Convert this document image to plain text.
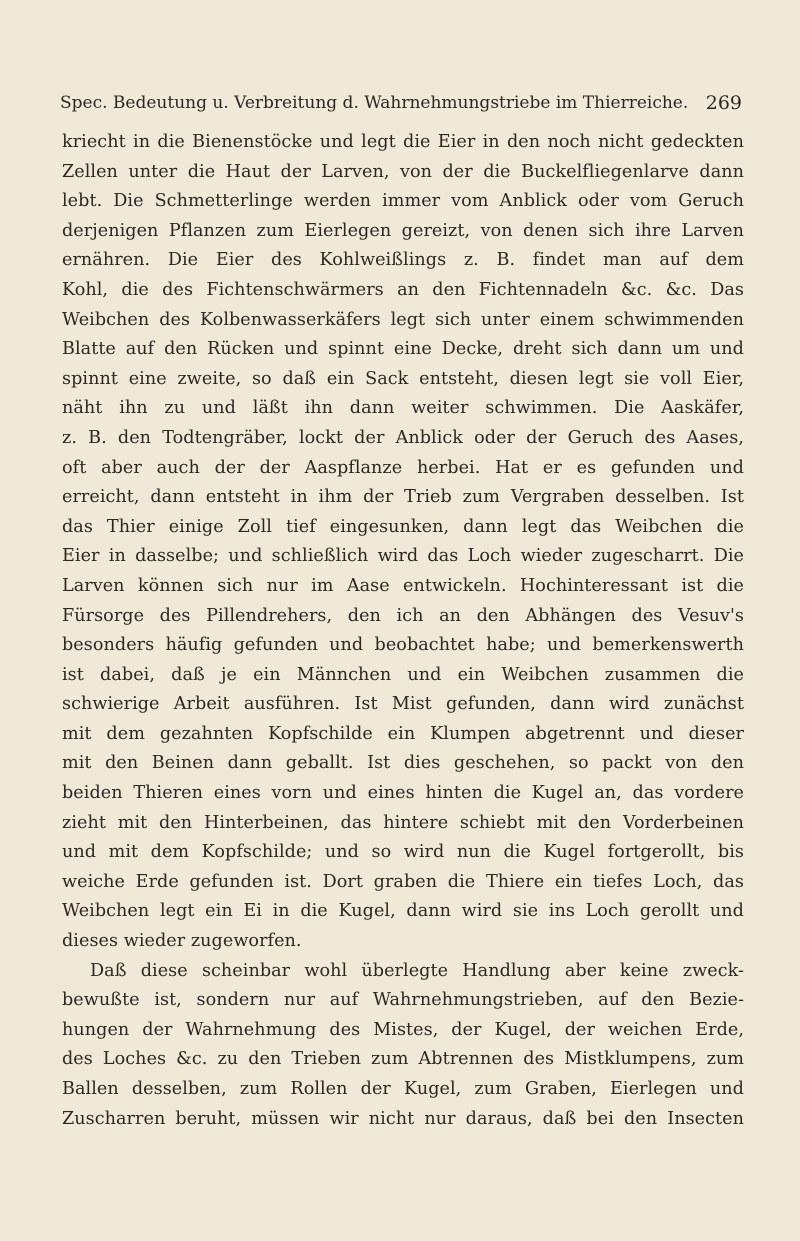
Spec. Bedeutung u. Verbreitung d. Wahrnehmungstriebe im Thierreiche. 269
kriecht in die Bienenstöcke und legt die Eier in den noch nicht gedeckten
Zellen unter die Haut der Larven, von der die Buckelfliegenlarve dann
lebt. Die Schmetterlinge werden immer vom Anblick oder vom Geruch
derjenigen Pflanzen zum Eierlegen gereizt, von denen sich ihre Larven
ernähren. Die Eier des Kohlweißlings z. B. findet man auf dem
Kohl, die des Fichtenschwärmers an den Fichtennadeln &c. &c. Das
Weibchen des Kolbenwasserkäfers legt sich unter einem schwimmenden
Blatte auf den Rücken und spinnt eine Decke, dreht sich dann um und
spinnt eine zweite, so daß ein Sack entsteht, diesen legt sie voll Eier,
näht ihn zu und läßt ihn dann weiter schwimmen. Die Aaskäfer,
z. B. den Todtengräber, lockt der Anblick oder der Geruch des Aases,
oft aber auch der der Aaspflanze herbei. Hat er es gefunden und
erreicht, dann entsteht in ihm der Trieb zum Vergraben desselben. Ist
das Thier einige Zoll tief eingesunken, dann legt das Weibchen die
Eier in dasselbe; und schließlich wird das Loch wieder zugescharrt. Die
Larven können sich nur im Aase entwickeln. Hochinteressant ist die
Fürsorge des Pillendrehers, den ich an den Abhängen des Vesuv's
besonders häufig gefunden und beobachtet habe; und bemerkenswerth
ist dabei, daß je ein Männchen und ein Weibchen zusammen die
schwierige Arbeit ausführen. Ist Mist gefunden, dann wird zunächst
mit dem gezahnten Kopfschilde ein Klumpen abgetrennt und dieser
mit den Beinen dann geballt. Ist dies geschehen, so packt von den
beiden Thieren eines vorn und eines hinten die Kugel an, das vordere
zieht mit den Hinterbeinen, das hintere schiebt mit den Vorderbeinen
und mit dem Kopfschilde; und so wird nun die Kugel fortgerollt, bis
weiche Erde gefunden ist. Dort graben die Thiere ein tiefes Loch, das
Weibchen legt ein Ei in die Kugel, dann wird sie ins Loch gerollt und
dieses wieder zugeworfen.
Daß diese scheinbar wohl überlegte Handlung aber keine zweck-
bewußte ist, sondern nur auf Wahrnehmungstrieben, auf den Bezie-
hungen der Wahrnehmung des Mistes, der Kugel, der weichen Erde,
des Loches &c. zu den Trieben zum Abtrennen des Mistklumpens, zum
Ballen desselben, zum Rollen der Kugel, zum Graben, Eierlegen und
Zuscharren beruht, müssen wir nicht nur daraus, daß bei den Insecten
